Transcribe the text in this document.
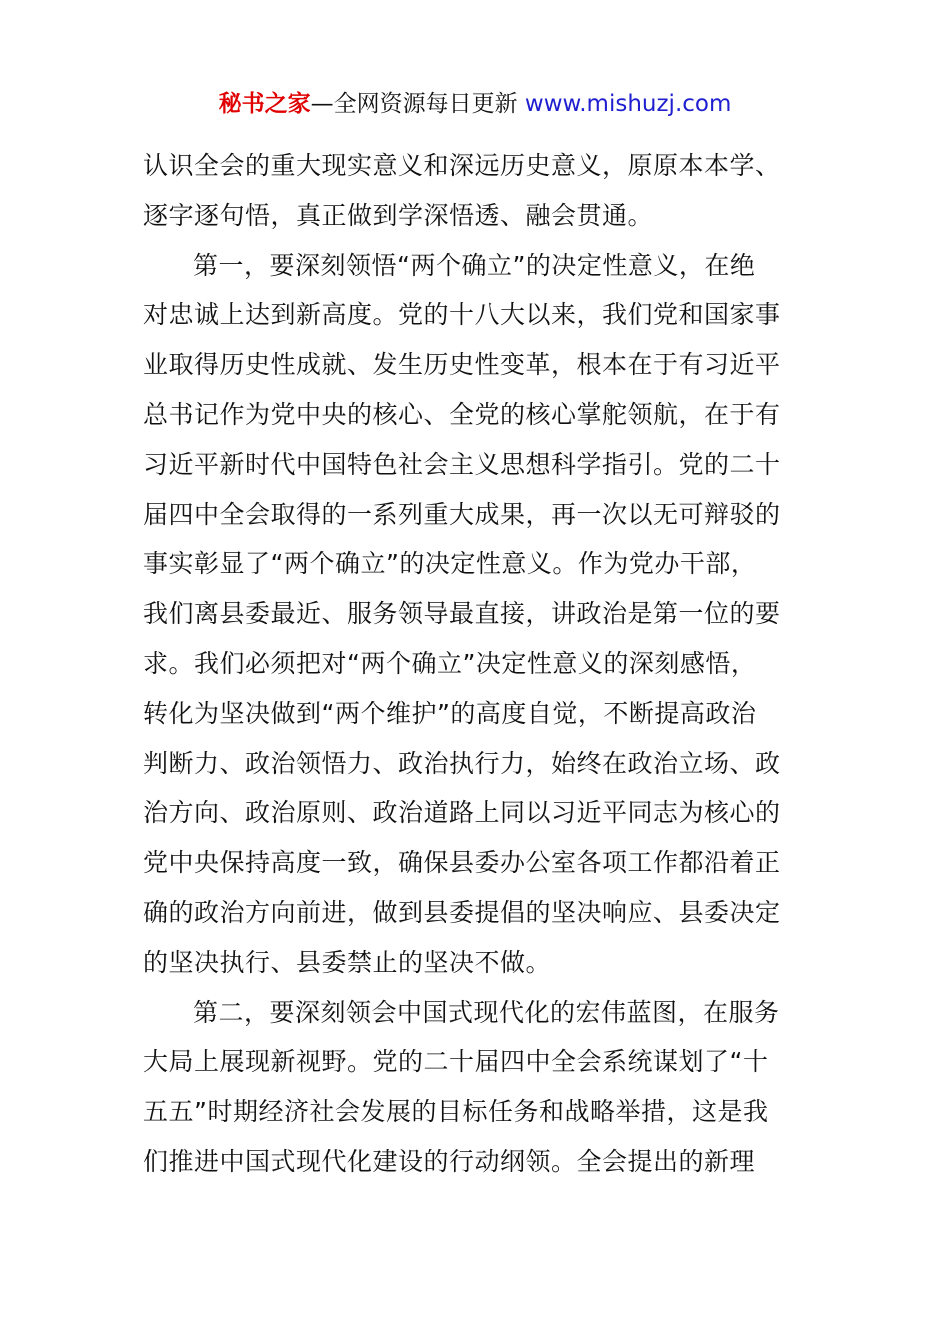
秘书之家—全网资源每日更新 www.mishuzj.com
认识全会的重大现实意义和深远历史意义，原原本本学、
逐字逐句悟，真正做到学深悟透、融会贯通。
第一，要深刻领悟“两个确立”的决定性意义，在绝
对忠诚上达到新高度。党的十八大以来，我们党和国家事
业取得历史性成就、发生历史性变革，根本在于有习近平
总书记作为党中央的核心、全党的核心掌舵领航，在于有
习近平新时代中国特色社会主义思想科学指引。党的二十
届四中全会取得的一系列重大成果，再一次以无可辩驳的
事实彰显了“两个确立”的决定性意义。作为党办干部，
我们离县委最近、服务领导最直接，讲政治是第一位的要
求。我们必须把对“两个确立”决定性意义的深刻感悟，
转化为坚决做到“两个维护”的高度自觉，不断提高政治
判断力、政治领悟力、政治执行力，始终在政治立场、政
治方向、政治原则、政治道路上同以习近平同志为核心的
党中央保持高度一致，确保县委办公室各项工作都沿着正
确的政治方向前进，做到县委提倡的坚决响应、县委决定
的坚决执行、县委禁止的坚决不做。
第二，要深刻领会中国式现代化的宏伟蓝图，在服务
大局上展现新视野。党的二十届四中全会系统谋划了“十
五五”时期经济社会发展的目标任务和战略举措，这是我
们推进中国式现代化建设的行动纲领。全会提出的新理
